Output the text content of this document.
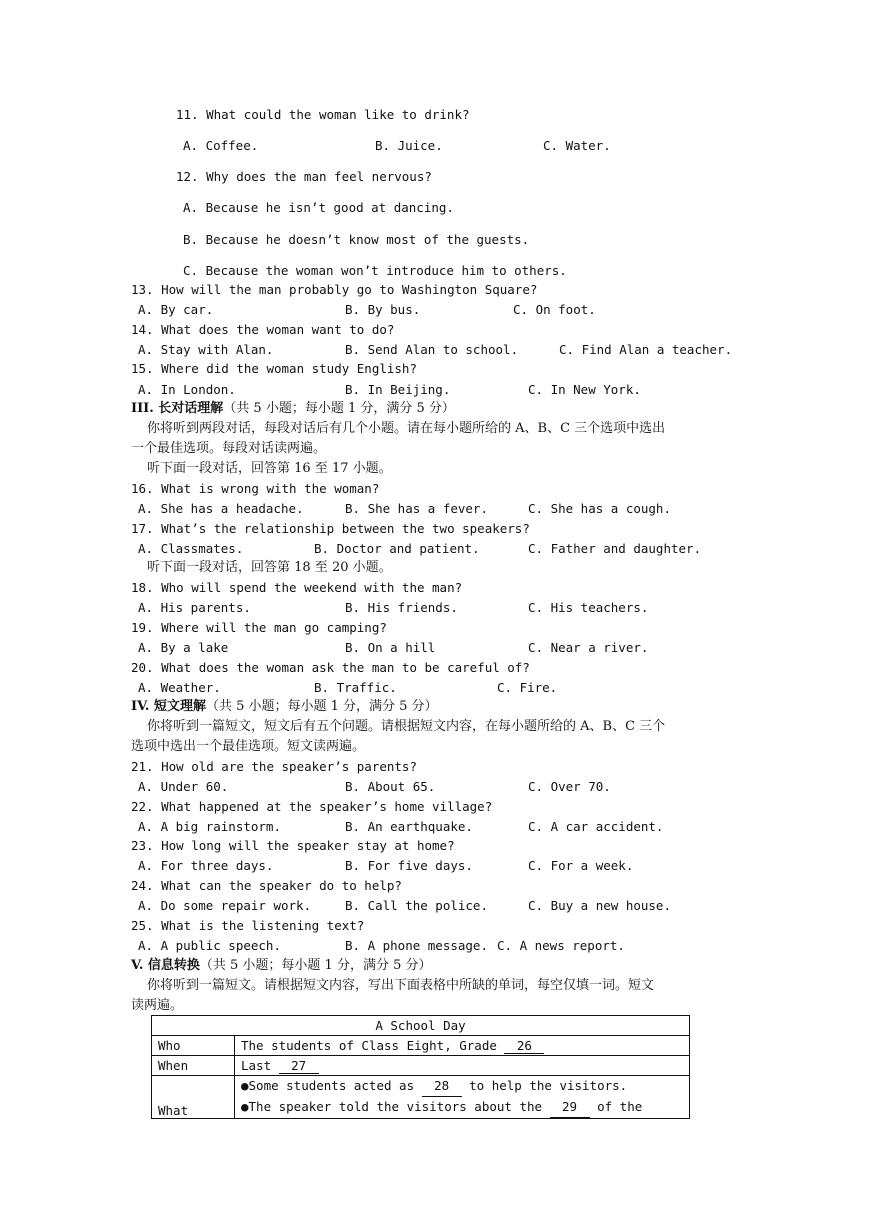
11. What could the woman like to drink?
A. Coffee.	B. Juice.	C. Water.
12. Why does the man feel nervous?
A. Because he isn’t good at dancing.
B. Because he doesn’t know most of the guests.
C. Because the woman won’t introduce him to others.
13. How will the man probably go to Washington Square?
A. By car.	B. By bus.	C. On foot.
14. What does the woman want to do?
A. Stay with Alan.	B. Send Alan to school.	C. Find Alan a teacher.
15. Where did the woman study English?
A. In London.	B. In Beijing.	C. In New York.
III. 长对话理解（共 5 小题；每小题 1 分，满分 5 分）
你将听到两段对话，每段对话后有几个小题。请在每小题所给的 A、B、C 三个选项中选出
一个最佳选项。每段对话读两遍。
听下面一段对话，回答第 16 至 17 小题。
16. What is wrong with the woman?
A. She has a headache.	B. She has a fever.	C. She has a cough.
17. What’s the relationship between the two speakers?
A. Classmates.	B. Doctor and patient.	C. Father and daughter.
听下面一段对话，回答第 18 至 20 小题。
18. Who will spend the weekend with the man?
A. His parents.	B. His friends.	C. His teachers.
19. Where will the man go camping?
A. By a lake	B. On a hill	C. Near a river.
20. What does the woman ask the man to be careful of?
A. Weather.	B. Traffic.	C. Fire.
IV. 短文理解（共 5 小题；每小题 1 分，满分 5 分）
你将听到一篇短文，短文后有五个问题。请根据短文内容，在每小题所给的 A、B、C 三个
选项中选出一个最佳选项。短文读两遍。
21. How old are the speaker’s parents?
A. Under 60.	B. About 65.	C. Over 70.
22. What happened at the speaker’s home village?
A. A big rainstorm.	B. An earthquake.	C. A car accident.
23. How long will the speaker stay at home?
A. For three days.	B. For five days.	C. For a week.
24. What can the speaker do to help?
A. Do some repair work.	B. Call the police.	C. Buy a new house.
25. What is the listening text?
A. A public speech.	B. A phone message. C. A news report.
V. 信息转换（共 5 小题；每小题 1 分，满分 5 分）
你将听到一篇短文。请根据短文内容，写出下面表格中所缺的单词，每空仅填一词。短文
读两遍。
A School Day	
Who	The students of Class Eight, Grade 26
When	Last 27
What	●Some students acted as 28 to help the visitors.
●The speaker told the visitors about the 29 of the
